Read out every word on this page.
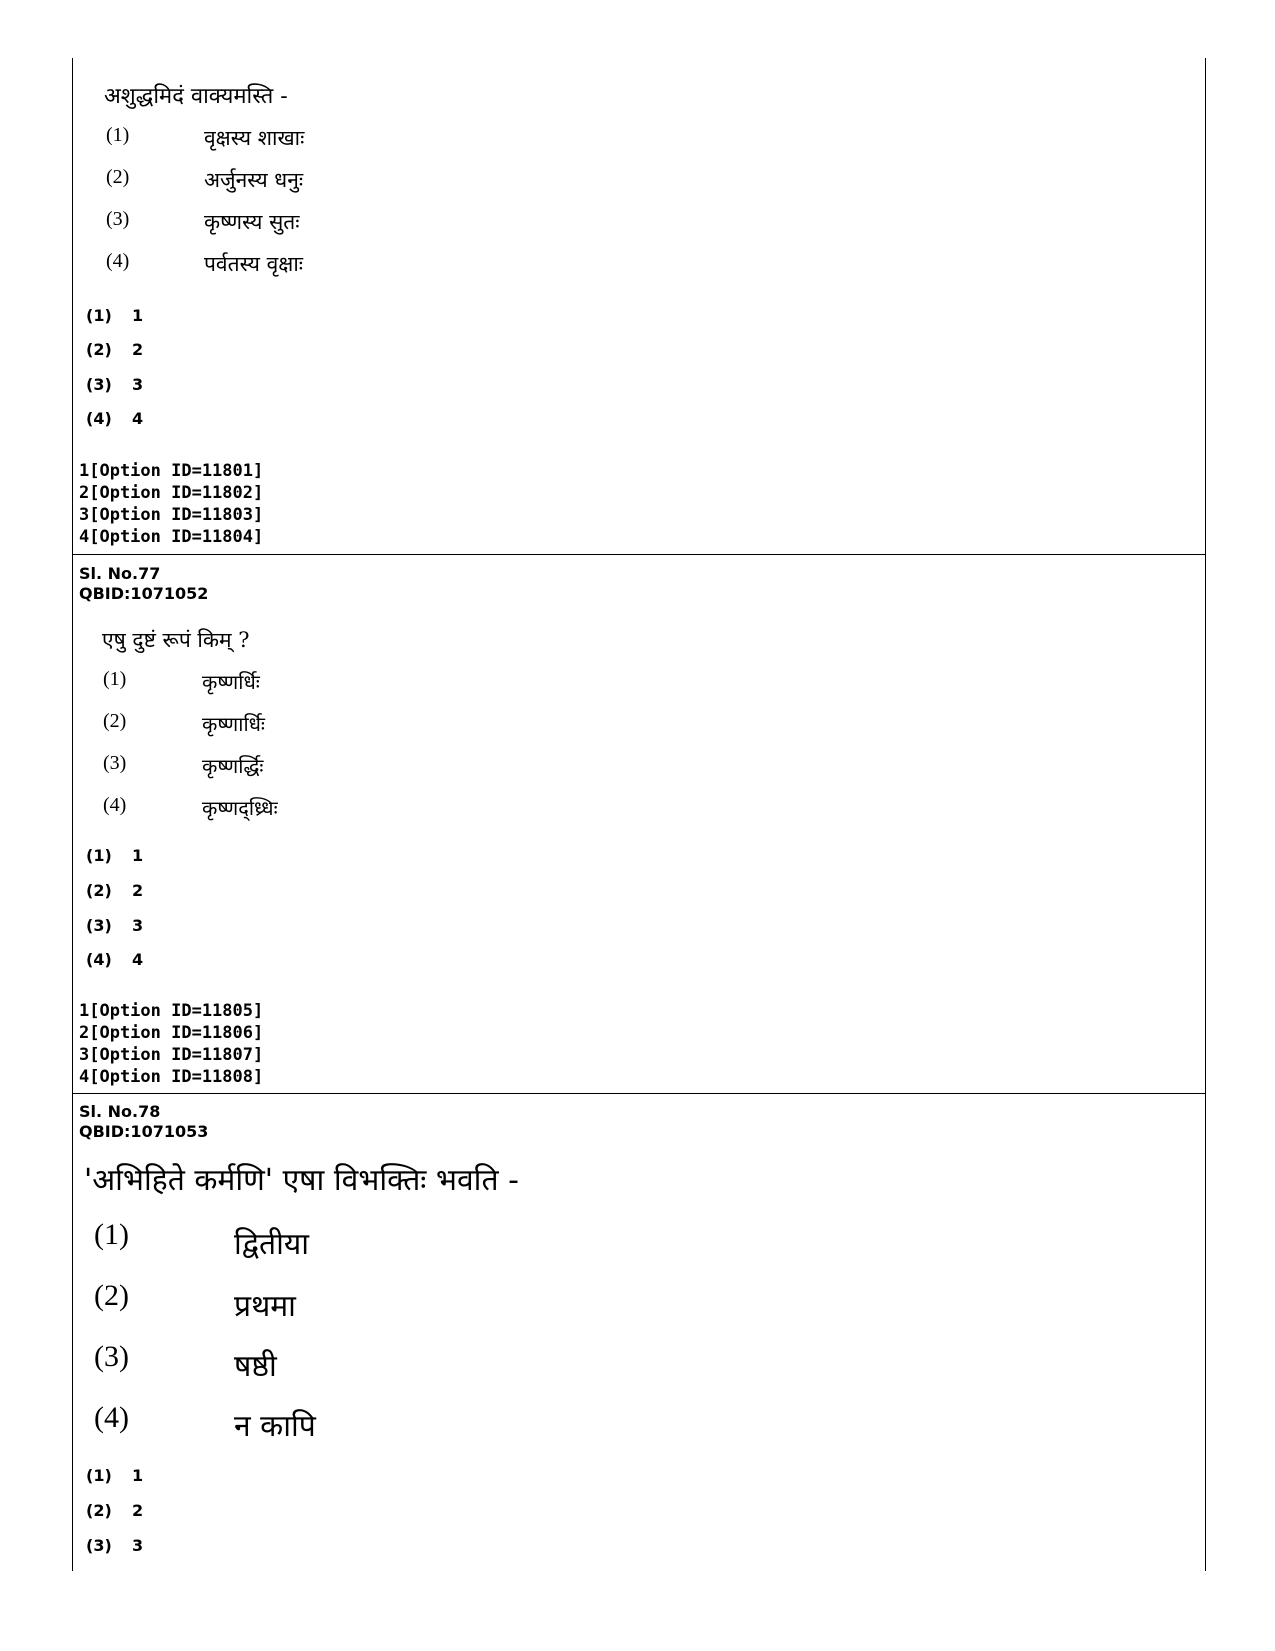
अशुद्धमिदं वाक्यमस्ति -
(1)	वृक्षस्य शाखाः
(2)	अर्जुनस्य धनुः
(3)	कृष्णस्य सुतः
(4)	पर्वतस्य वृक्षाः
(1) 1
(2) 2
(3) 3
(4) 4
1[Option ID=11801]
2[Option ID=11802]
3[Option ID=11803]
4[Option ID=11804]
Sl. No.77
QBID:1071052
एषु दुष्टं रूपं किम् ?
(1)	कृष्णर्धिः
(2)	कृष्णार्धिः
(3)	कृष्णर्द्धिः
(4)	कृष्णद्ध्र्धिः
(1) 1
(2) 2
(3) 3
(4) 4
1[Option ID=11805]
2[Option ID=11806]
3[Option ID=11807]
4[Option ID=11808]
Sl. No.78
QBID:1071053
'अभिहिते कर्मणि' एषा विभक्तिः भवति -
(1)	द्वितीया
(2)	प्रथमा
(3)	षष्ठी
(4)	न कापि
(1) 1
(2) 2
(3) 3
